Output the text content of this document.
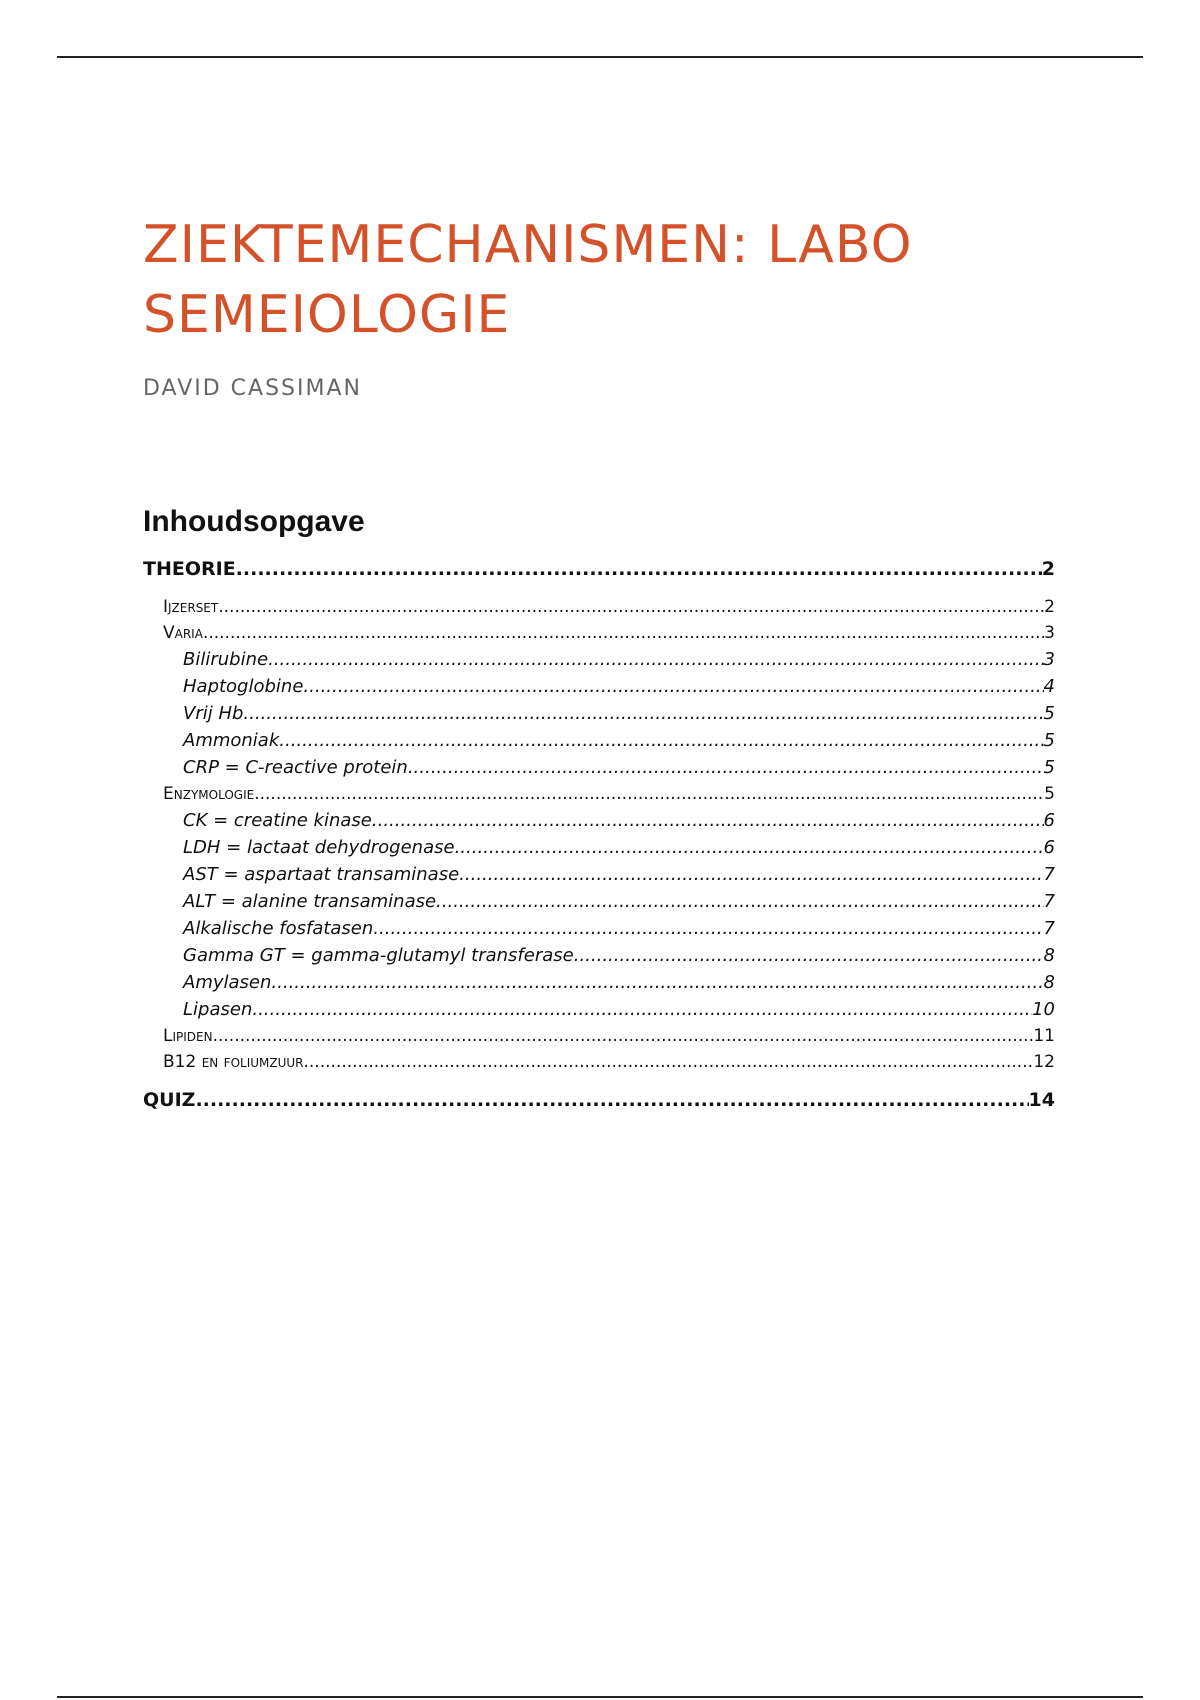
ZIEKTEMECHANISMEN: LABO
SEMEIOLOGIE

DAVID CASSIMAN

Inhoudsopgave
THEORIE .....	2
Ijzerset .....	2
Varia .....	3
Bilirubine .....	3
Haptoglobine .....	4
Vrij Hb .....	5
Ammoniak .....	5
CRP = C-reactive protein .....	5
Enzymologie .....	5
CK = creatine kinase .....	6
LDH = lactaat dehydrogenase .....	6
AST = aspartaat transaminase .....	7
ALT = alanine transaminase .....	7
Alkalische fosfatasen .....	7
Gamma GT = gamma-glutamyl transferase .....	8
Amylasen .....	8
Lipasen .....	10
Lipiden .....	11
B12 en foliumzuur .....	12
QUIZ .....	14
